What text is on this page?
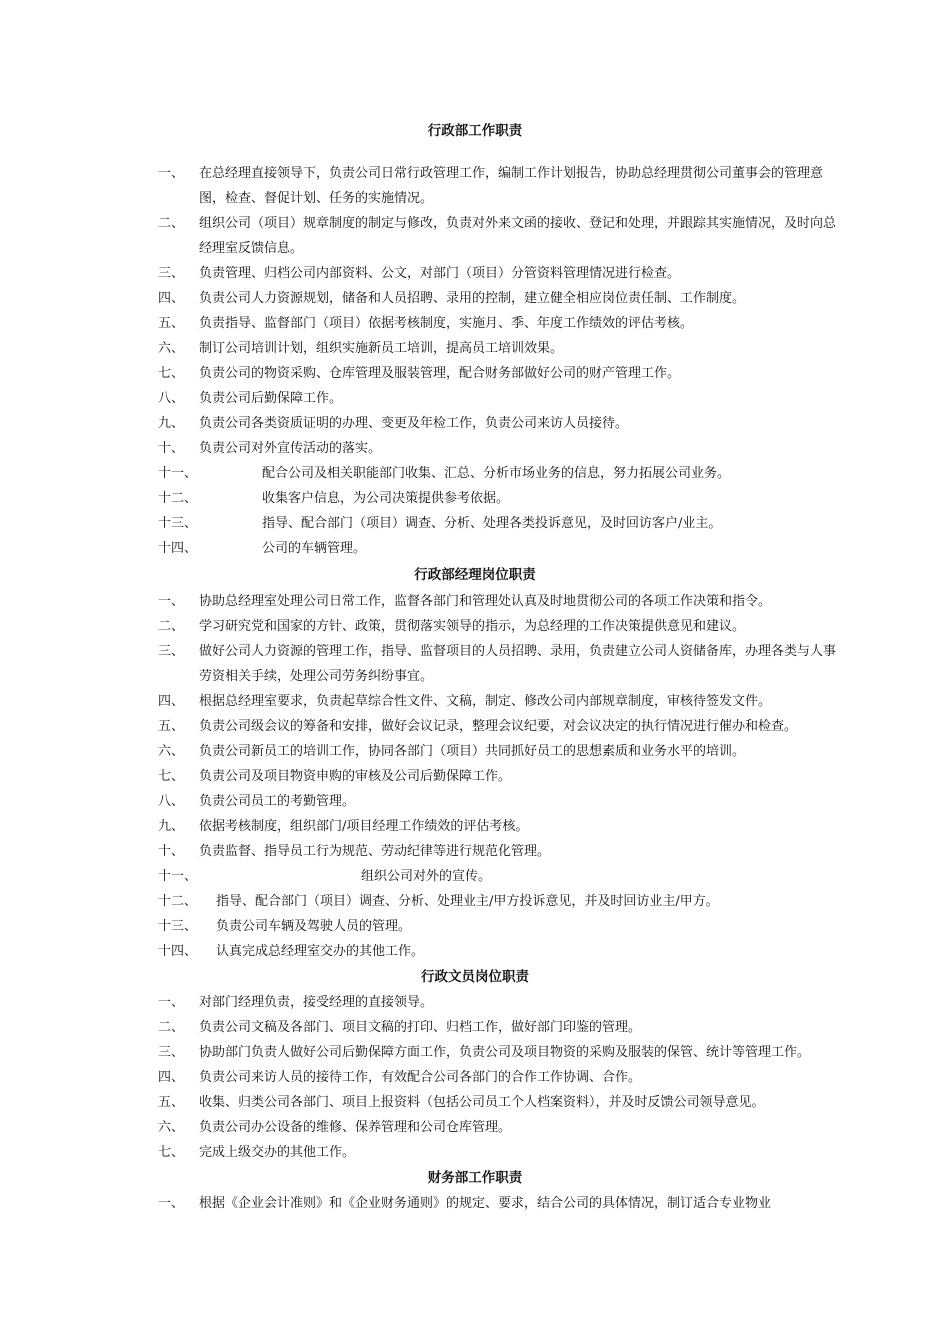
行政部工作职责
一、 在总经理直接领导下，负责公司日常行政管理工作，编制工作计划报告，协助总经理贯彻公司董事会的管理意图，检查、督促计划、任务的实施情况。
二、 组织公司（项目）规章制度的制定与修改，负责对外来文函的接收、登记和处理，并跟踪其实施情况，及时向总经理室反馈信息。
三、 负责管理、归档公司内部资料、公文，对部门（项目）分管资料管理情况进行检查。
四、 负责公司人力资源规划，储备和人员招聘、录用的控制，建立健全相应岗位责任制、工作制度。
五、 负责指导、监督部门（项目）依据考核制度，实施月、季、年度工作绩效的评估考核。
六、 制订公司培训计划，组织实施新员工培训，提高员工培训效果。
七、 负责公司的物资采购、仓库管理及服装管理，配合财务部做好公司的财产管理工作。
八、 负责公司后勤保障工作。
九、 负责公司各类资质证明的办理、变更及年检工作，负责公司来访人员接待。
十、 负责公司对外宣传活动的落实。
十一、	配合公司及相关职能部门收集、汇总、分析市场业务的信息，努力拓展公司业务。
十二、	收集客户信息，为公司决策提供参考依据。
十三、	指导、配合部门（项目）调查、分析、处理各类投诉意见，及时回访客户/业主。
十四、	公司的车辆管理。
行政部经理岗位职责
一、 协助总经理室处理公司日常工作，监督各部门和管理处认真及时地贯彻公司的各项工作决策和指令。
二、 学习研究党和国家的方针、政策，贯彻落实领导的指示，为总经理的工作决策提供意见和建议。
三、 做好公司人力资源的管理工作，指导、监督项目的人员招聘、录用，负责建立公司人资储备库，办理各类与人事劳资相关手续，处理公司劳务纠纷事宜。
四、 根据总经理室要求，负责起草综合性文件、文稿，制定、修改公司内部规章制度，审核待签发文件。
五、 负责公司级会议的筹备和安排，做好会议记录，整理会议纪要，对会议决定的执行情况进行催办和检查。
六、 负责公司新员工的培训工作，协同各部门（项目）共同抓好员工的思想素质和业务水平的培训。
七、 负责公司及项目物资申购的审核及公司后勤保障工作。
八、 负责公司员工的考勤管理。
九、 依据考核制度，组织部门/项目经理工作绩效的评估考核。
十、 负责监督、指导员工行为规范、劳动纪律等进行规范化管理。
十一、	组织公司对外的宣传。
十二、 指导、配合部门（项目）调查、分析、处理业主/甲方投诉意见，并及时回访业主/甲方。
十三、 负责公司车辆及驾驶人员的管理。
十四、 认真完成总经理室交办的其他工作。
行政文员岗位职责
一、 对部门经理负责，接受经理的直接领导。
二、 负责公司文稿及各部门、项目文稿的打印、归档工作，做好部门印鉴的管理。
三、 协助部门负责人做好公司后勤保障方面工作，负责公司及项目物资的采购及服装的保管、统计等管理工作。
四、 负责公司来访人员的接待工作，有效配合公司各部门的合作工作协调、合作。
五、 收集、归类公司各部门、项目上报资料（包括公司员工个人档案资料），并及时反馈公司领导意见。
六、 负责公司办公设备的维修、保养管理和公司仓库管理。
七、 完成上级交办的其他工作。
财务部工作职责
一、 根据《企业会计准则》和《企业财务通则》的规定、要求，结合公司的具体情况，制订适合专业物业
